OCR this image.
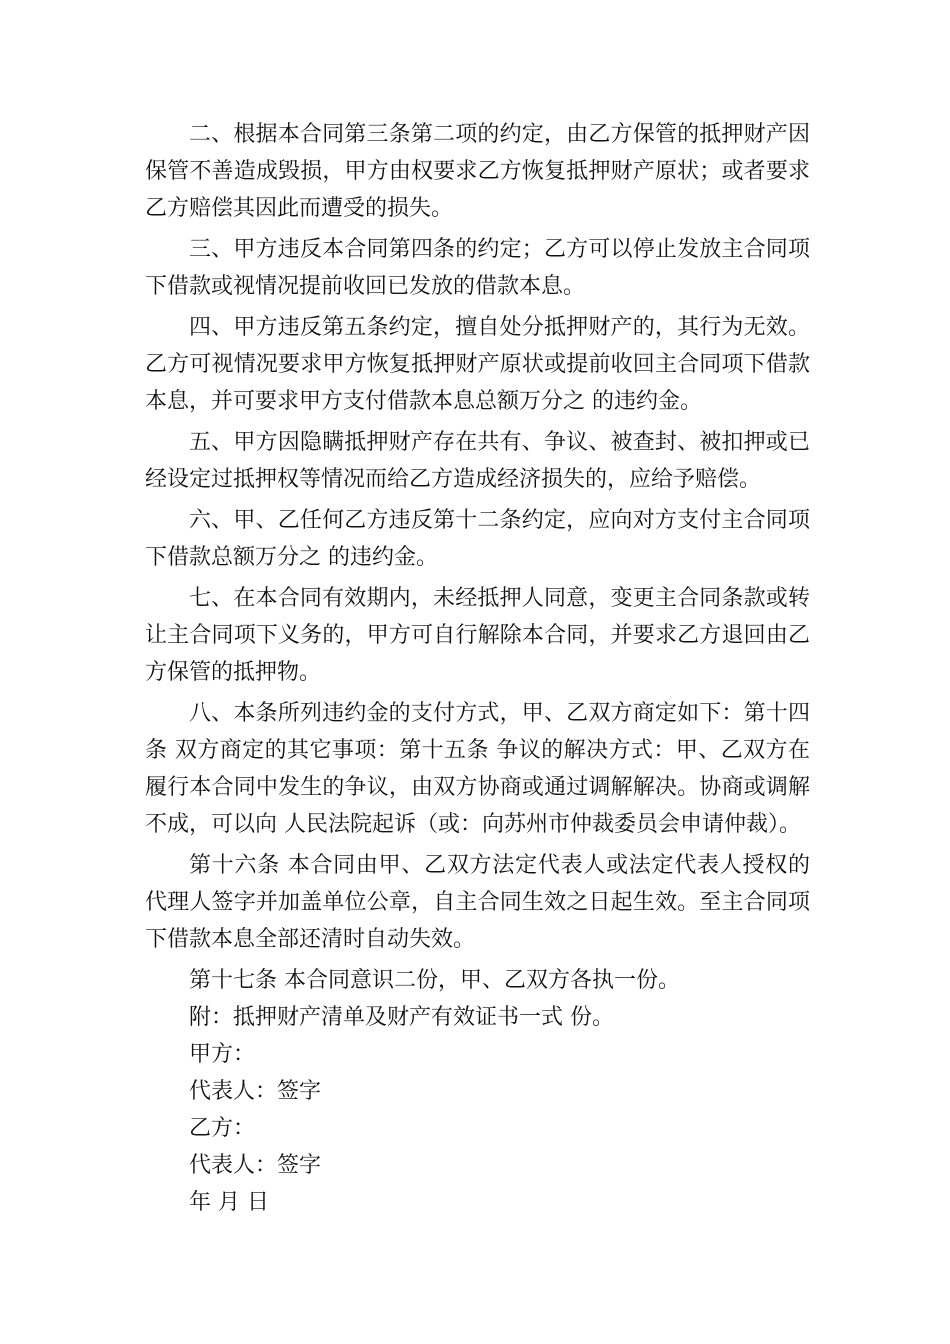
二、根据本合同第三条第二项的约定，由乙方保管的抵押财产因保管不善造成毁损，甲方由权要求乙方恢复抵押财产原状；或者要求乙方赔偿其因此而遭受的损失。

三、甲方违反本合同第四条的约定；乙方可以停止发放主合同项下借款或视情况提前收回已发放的借款本息。

四、甲方违反第五条约定，擅自处分抵押财产的，其行为无效。乙方可视情况要求甲方恢复抵押财产原状或提前收回主合同项下借款本息，并可要求甲方支付借款本息总额万分之 的违约金。

五、甲方因隐瞒抵押财产存在共有、争议、被查封、被扣押或已经设定过抵押权等情况而给乙方造成经济损失的，应给予赔偿。

六、甲、乙任何乙方违反第十二条约定，应向对方支付主合同项下借款总额万分之 的违约金。

七、在本合同有效期内，未经抵押人同意，变更主合同条款或转让主合同项下义务的，甲方可自行解除本合同，并要求乙方退回由乙方保管的抵押物。

八、本条所列违约金的支付方式，甲、乙双方商定如下：第十四条 双方商定的其它事项：第十五条 争议的解决方式：甲、乙双方在履行本合同中发生的争议，由双方协商或通过调解解决。协商或调解不成，可以向 人民法院起诉（或：向苏州市仲裁委员会申请仲裁）。

第十六条 本合同由甲、乙双方法定代表人或法定代表人授权的代理人签字并加盖单位公章，自主合同生效之日起生效。至主合同项下借款本息全部还清时自动失效。

第十七条 本合同意识二份，甲、乙双方各执一份。

附：抵押财产清单及财产有效证书一式 份。

甲方：

代表人：签字

乙方：

代表人：签字

年 月 日
